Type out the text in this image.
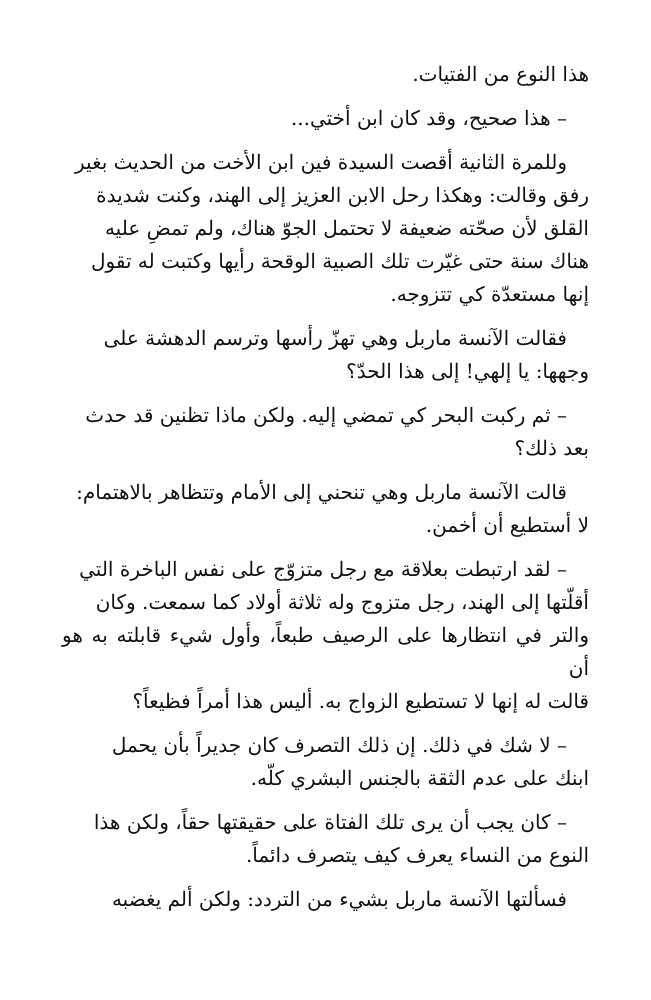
هذا النوع من الفتيات.

– هذا صحيح، وقد كان ابن أختي...

وللمرة الثانية أقصت السيدة فين ابن الأخت من الحديث بغير
رفق وقالت: وهكذا رحل الابن العزيز إلى الهند، وكنت شديدة
القلق لأن صحّته ضعيفة لا تحتمل الجوّ هناك، ولم تمضِ عليه
هناك سنة حتى غيّرت تلك الصبية الوقحة رأيها وكتبت له تقول
إنها مستعدّة كي تتزوجه.

فقالت الآنسة ماربل وهي تهزّ رأسها وترسم الدهشة على
وجهها: يا إلهي! إلى هذا الحدّ؟

– ثم ركبت البحر كي تمضي إليه. ولكن ماذا تظنين قد حدث
بعد ذلك؟

قالت الآنسة ماربل وهي تنحني إلى الأمام وتتظاهر بالاهتمام:
لا أستطيع أن أخمن.

– لقد ارتبطت بعلاقة مع رجل متزوّج على نفس الباخرة التي
أقلّتها إلى الهند، رجل متزوج وله ثلاثة أولاد كما سمعت. وكان
والتر في انتظارها على الرصيف طبعاً، وأول شيء قابلته به هو أن
قالت له إنها لا تستطيع الزواج به. أليس هذا أمراً فظيعاً؟

– لا شك في ذلك. إن ذلك التصرف كان جديراً بأن يحمل
ابنك على عدم الثقة بالجنس البشري كلّه.

– كان يجب أن يرى تلك الفتاة على حقيقتها حقاً، ولكن هذا
النوع من النساء يعرف كيف يتصرف دائماً.

فسألتها الآنسة ماربل بشيء من التردد: ولكن ألم يغضبه
